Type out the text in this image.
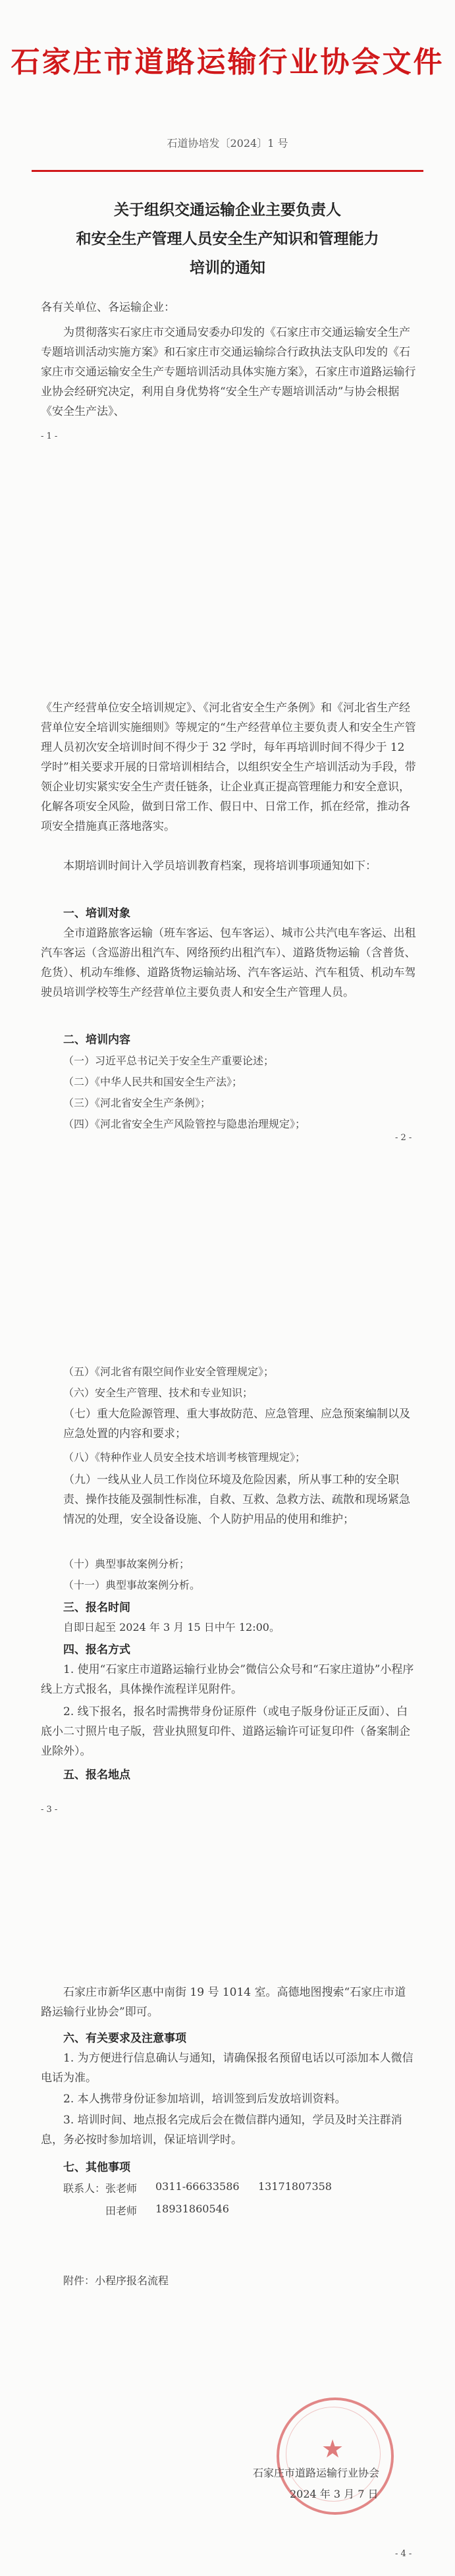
石家庄市道路运输行业协会文件
石道协培发〔2024〕1 号
关于组织交通运输企业主要负责人
和安全生产管理人员安全生产知识和管理能力
培训的通知
各有关单位、各运输企业：
为贯彻落实石家庄市交通局安委办印发的《石家庄市交通运输安全生产专题培训活动实施方案》和石家庄市交通运输综合行政执法支队印发的《石家庄市交通运输安全生产专题培训活动具体实施方案》，石家庄市道路运输行业协会经研究决定，利用自身优势将“安全生产专题培训活动”与协会根据《安全生产法》、
- 1 -
《生产经营单位安全培训规定》、《河北省安全生产条例》和《河北省生产经营单位安全培训实施细则》等规定的“生产经营单位主要负责人和安全生产管理人员初次安全培训时间不得少于 32 学时，每年再培训时间不得少于 12 学时”相关要求开展的日常培训相结合，以组织安全生产培训活动为手段，带领企业切实紧实安全生产责任链条，让企业真正提高管理能力和安全意识，化解各项安全风险，做到日常工作、假日中、日常工作，抓在经常，推动各项安全措施真正落地落实。
本期培训时间计入学员培训教育档案，现将培训事项通知如下：
一、培训对象
全市道路旅客运输（班车客运、包车客运）、城市公共汽电车客运、出租汽车客运（含巡游出租汽车、网络预约出租汽车）、道路货物运输（含普货、危货）、机动车维修、道路货物运输站场、汽车客运站、汽车租赁、机动车驾驶员培训学校等生产经营单位主要负责人和安全生产管理人员。
二、培训内容
（一）习近平总书记关于安全生产重要论述；
（二）《中华人民共和国安全生产法》；
（三）《河北省安全生产条例》；
（四）《河北省安全生产风险管控与隐患治理规定》；
- 2 -
（五）《河北省有限空间作业安全管理规定》；
（六）安全生产管理、技术和专业知识；
（七）重大危险源管理、重大事故防范、应急管理、应急预案编制以及应急处置的内容和要求；
（八）《特种作业人员安全技术培训考核管理规定》；
（九）一线从业人员工作岗位环境及危险因素，所从事工种的安全职责、操作技能及强制性标准，自救、互救、急救方法、疏散和现场紧急情况的处理，安全设备设施、个人防护用品的使用和维护；
（十）典型事故案例分析；
（十一）典型事故案例分析。
三、报名时间
自即日起至 2024 年 3 月 15 日中午 12:00。
四、报名方式
1. 使用“石家庄市道路运输行业协会”微信公众号和“石家庄道协”小程序线上方式报名，具体操作流程详见附件。
2. 线下报名，报名时需携带身份证原件（或电子版身份证正反面）、白底小二寸照片电子版，营业执照复印件、道路运输许可证复印件（备案制企业除外）。
五、报名地点
- 3 -
石家庄市新华区惠中南街 19 号 1014 室。高德地图搜索“石家庄市道路运输行业协会”即可。
六、有关要求及注意事项
1. 为方便进行信息确认与通知，请确保报名预留电话以可添加本人微信电话为准。
2. 本人携带身份证参加培训，培训签到后发放培训资料。
3. 培训时间、地点报名完成后会在微信群内通知，学员及时关注群消息，务必按时参加培训，保证培训学时。
七、其他事项
联系人： 张老师 0311-66633586 13171807358
田老师 18931860546
附件：小程序报名流程
★
石家庄市道路运输行业协会
2024 年 3 月 7 日
- 4 -
